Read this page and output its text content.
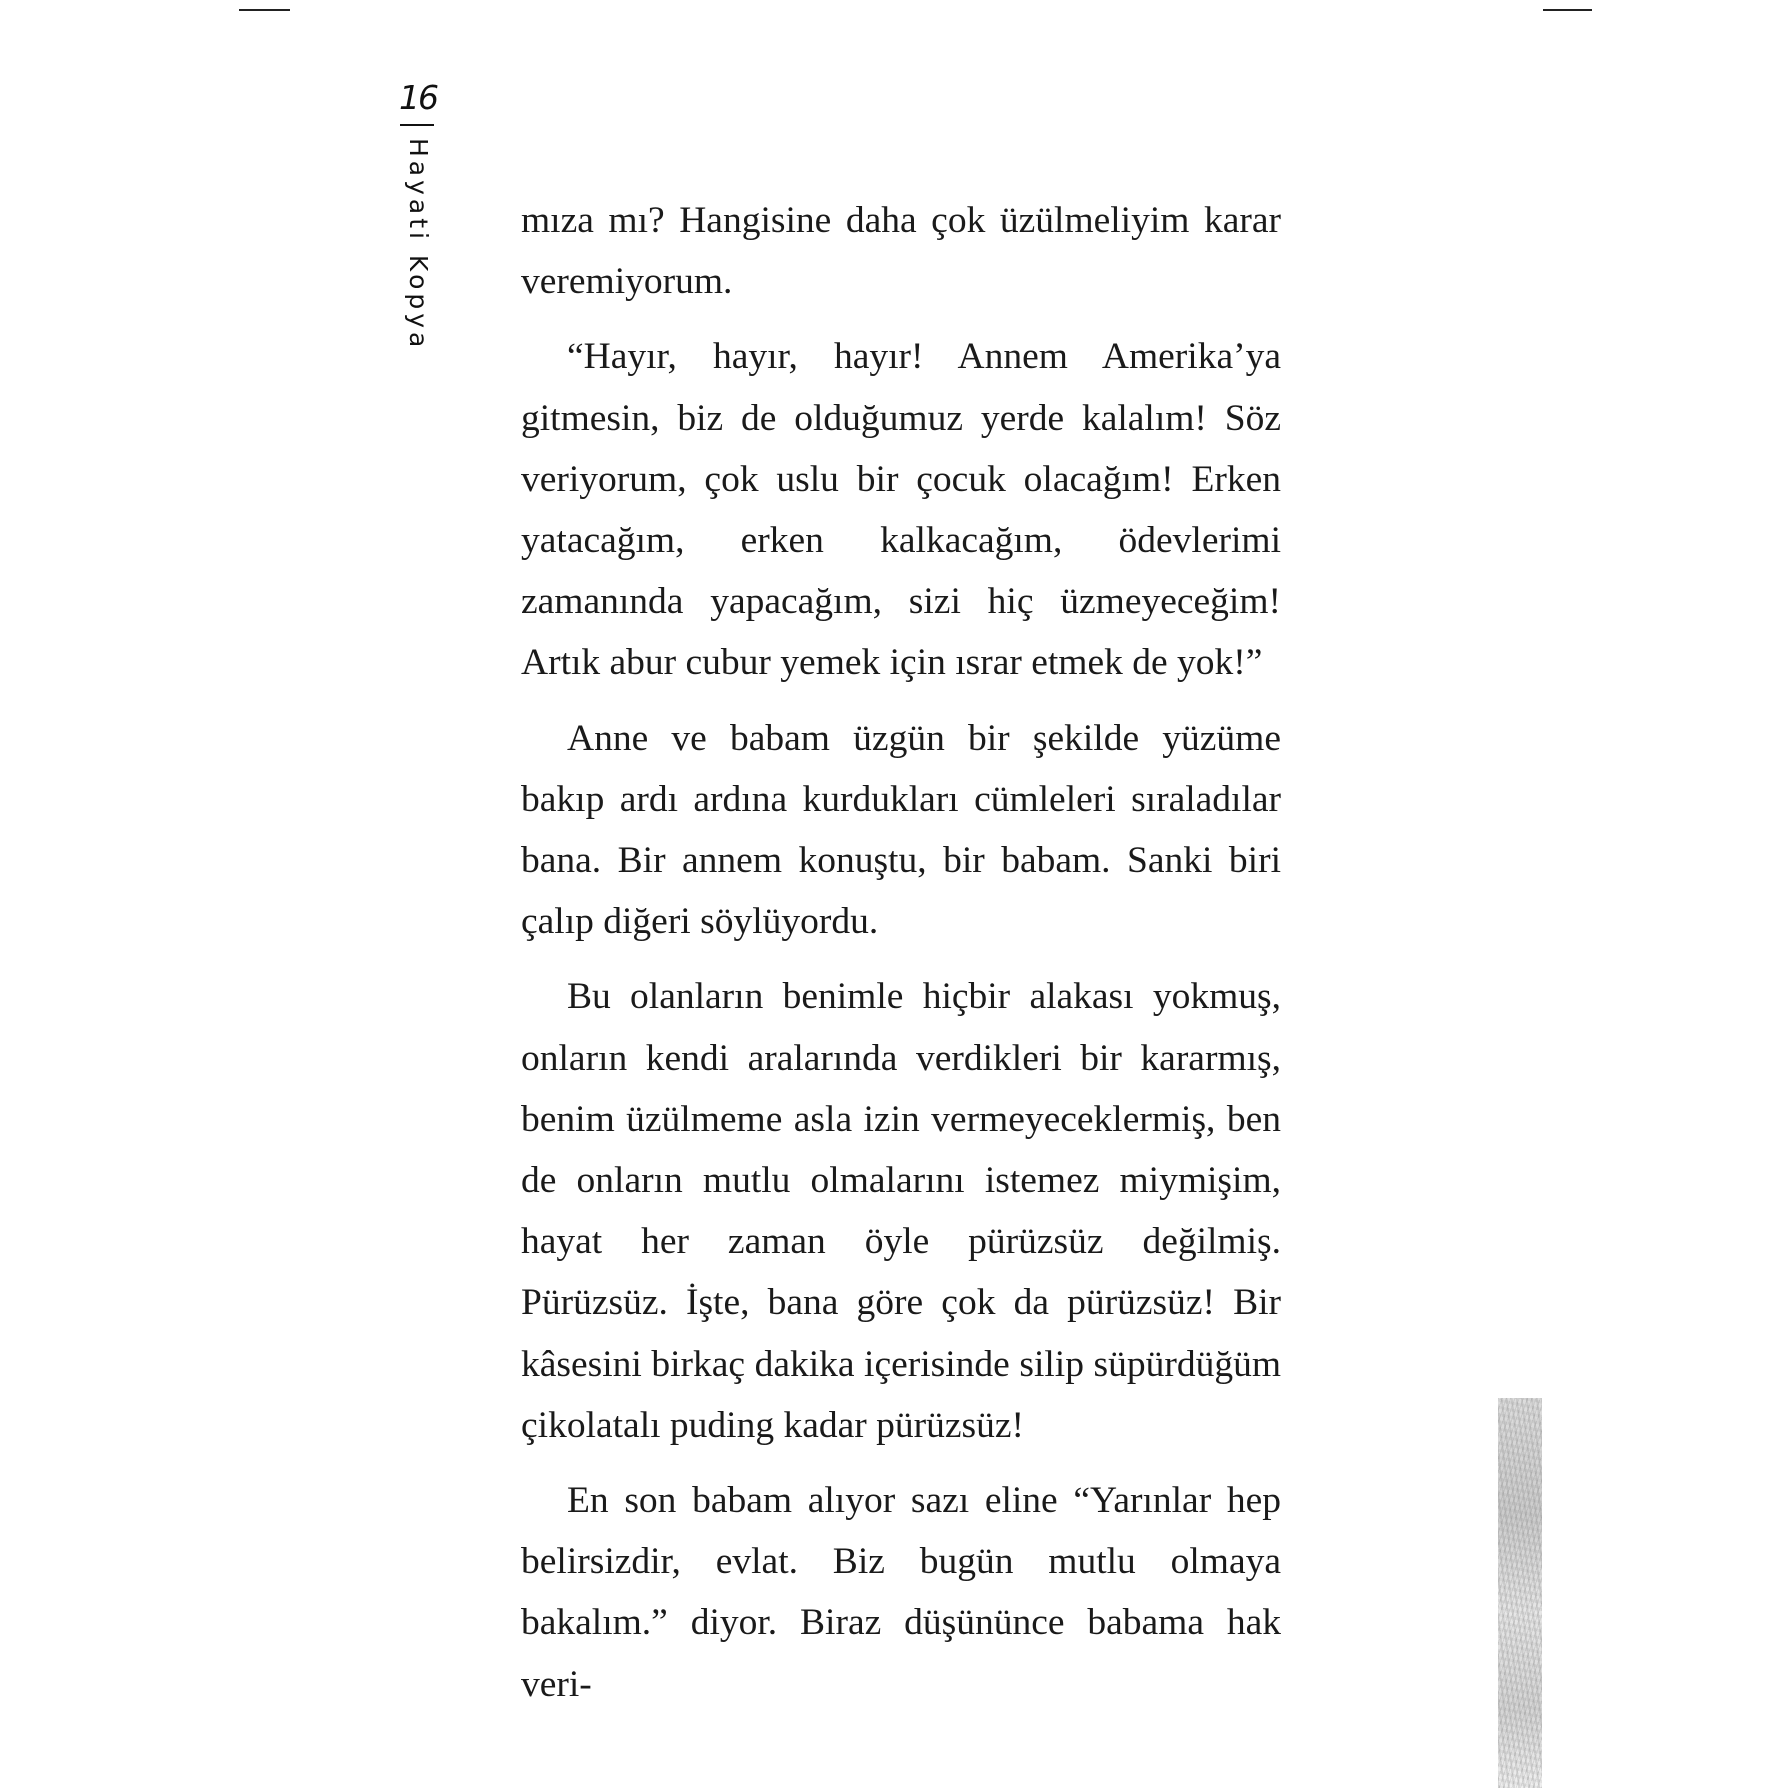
16
Hayati Kopya mıza mı? Hangisine daha çok üzülmeliyim karar veremiyorum.

“Hayır, hayır, hayır! Annem Amerika’ya gitmesin, biz de olduğumuz yerde kalalım! Söz veriyorum, çok uslu bir çocuk olacağım! Erken yatacağım, erken kalkacağım, ödevlerimi zamanında yapacağım, sizi hiç üzmeyeceğim! Artık abur cubur yemek için ısrar etmek de yok!”

Anne ve babam üzgün bir şekilde yüzüme bakıp ardı ardına kurdukları cümleleri sıraladılar bana. Bir annem konuştu, bir babam. Sanki biri çalıp diğeri söylüyordu.

Bu olanların benimle hiçbir alakası yokmuş, onların kendi aralarında verdikleri bir kararmış, benim üzülmeme asla izin vermeyeceklermiş, ben de onların mutlu olmalarını istemez miymişim, hayat her zaman öyle pürüzsüz değilmiş. Pürüzsüz. İşte, bana göre çok da pürüzsüz! Bir kâsesini birkaç dakika içerisinde silip süpürdüğüm çikolatalı puding kadar pürüzsüz!

En son babam alıyor sazı eline “Yarınlar hep belirsizdir, evlat. Biz bugün mutlu olmaya bakalım.” diyor. Biraz düşününce babama hak veri-
